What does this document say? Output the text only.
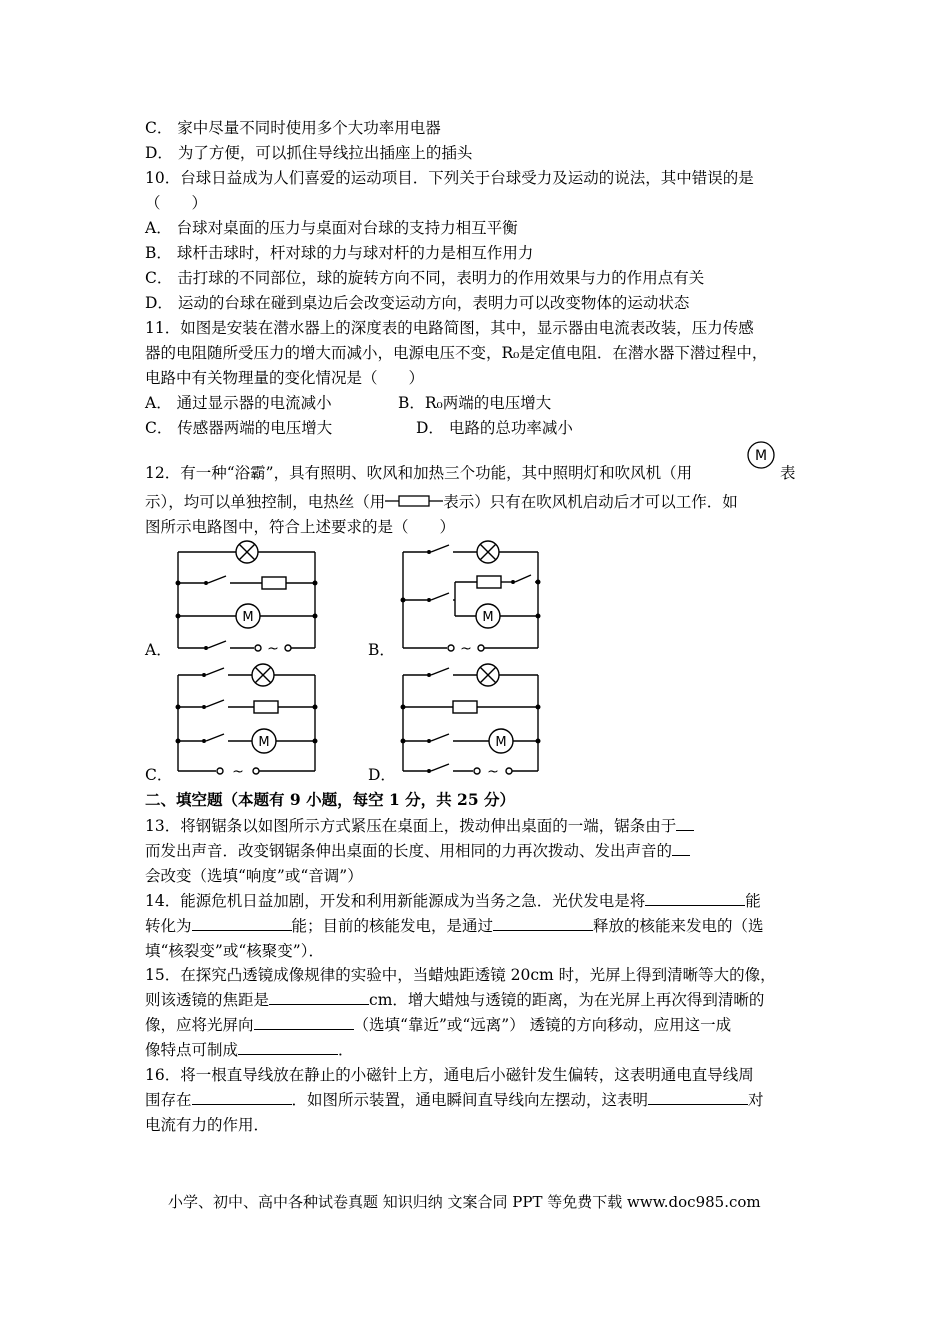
C． 家中尽量不同时使用多个大功率用电器
D． 为了方便，可以抓住导线拉出插座上的插头
10．台球日益成为人们喜爱的运动项目．下列关于台球受力及运动的说法，其中错误的是
（　　）
A． 台球对桌面的压力与桌面对台球的支持力相互平衡
B． 球杆击球时，杆对球的力与球对杆的力是相互作用力
C． 击打球的不同部位，球的旋转方向不同，表明力的作用效果与力的作用点有关
D． 运动的台球在碰到桌边后会改变运动方向，表明力可以改变物体的运动状态
11．如图是安装在潜水器上的深度表的电路简图，其中，显示器由电流表改装，压力传感
器的电阻随所受压力的增大而减小，电源电压不变，R₀是定值电阻．在潜水器下潜过程中，
电路中有关物理量的变化情况是（　　）
A． 通过显示器的电流减小	B．R₀两端的电压增大
C． 传感器两端的电压增大	D． 电路的总功率减小
12．有一种“浴霸”，具有照明、吹风和加热三个功能，其中照明灯和吹风机（用
M
表
示），均可以单独控制，电热丝（用	表示）只有在吹风机启动后才可以工作．如
图所示电路图中，符合上述要求的是（　　）
M
~
A．
M
~
B．
M
~
C．
M
~
D．
二、填空题（本题有 9 小题，每空 1 分，共 25 分）
13．将钢锯条以如图所示方式紧压在桌面上，拨动伸出桌面的一端，锯条由于
而发出声音．改变钢锯条伸出桌面的长度、用相同的力再次拨动、发出声音的
会改变（选填“响度”或“音调”）
14．能源危机日益加剧，开发和利用新能源成为当务之急．光伏发电是将	能
转化为	能；目前的核能发电，是通过	释放的核能来发电的（选
填“核裂变”或“核聚变”）．
15．在探究凸透镜成像规律的实验中，当蜡烛距透镜 20cm 时，光屏上得到清晰等大的像，
则该透镜的焦距是	cm．增大蜡烛与透镜的距离，为在光屏上再次得到清晰的
像，应将光屏向	（选填“靠近”或“远离”） 透镜的方向移动，应用这一成
像特点可制成	．
16．将一根直导线放在静止的小磁针上方，通电后小磁针发生偏转，这表明通电直导线周
围存在	．如图所示装置，通电瞬间直导线向左摆动，这表明	对
电流有力的作用．
小学、初中、高中各种试卷真题 知识归纳 文案合同 PPT 等免费下载 www.doc985.com
